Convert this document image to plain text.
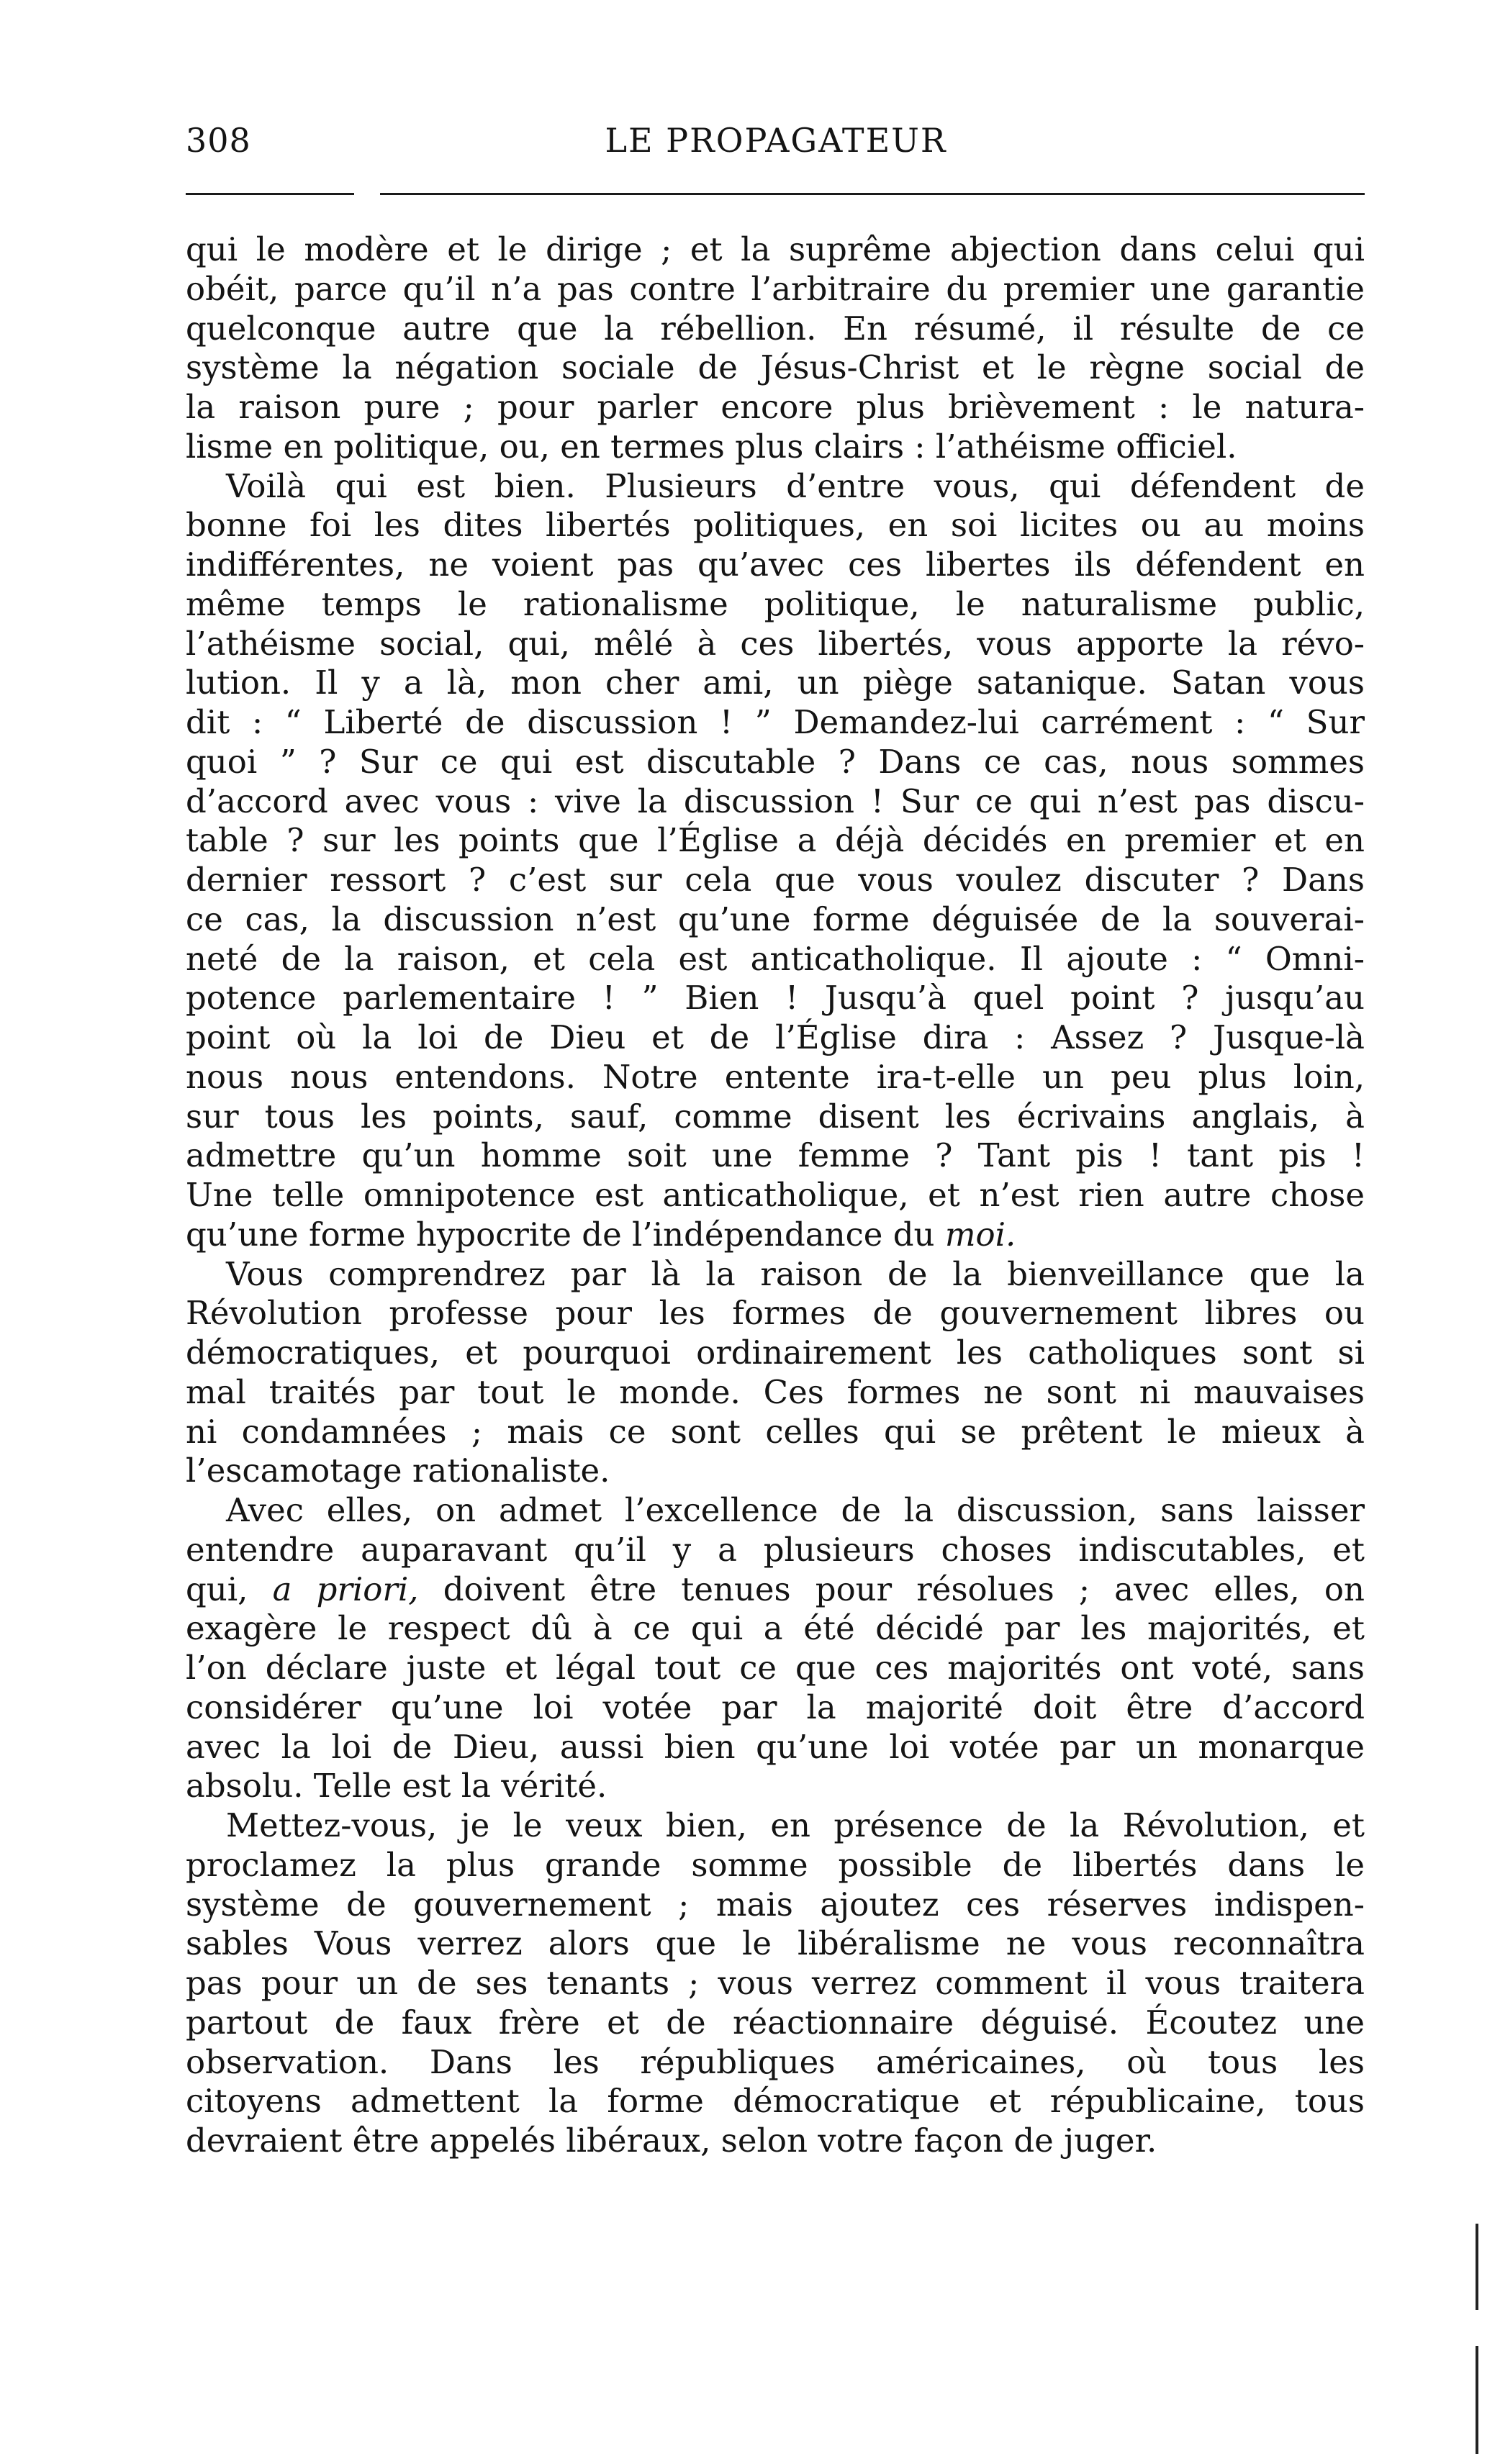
308	LE PROPAGATEUR
qui le modère et le dirige ; et la suprême abjection dans celui qui
obéit, parce qu’il n’a pas contre l’arbitraire du premier une garantie
quelconque autre que la rébellion. En résumé, il résulte de ce
système la négation sociale de Jésus-Christ et le règne social de
la raison pure ; pour parler encore plus brièvement : le natura-
lisme en politique, ou, en termes plus clairs : l’athéisme officiel.
Voilà qui est bien. Plusieurs d’entre vous, qui défendent de
bonne foi les dites libertés politiques, en soi licites ou au moins
indifférentes, ne voient pas qu’avec ces libertes ils défendent en
même temps le rationalisme politique, le naturalisme public,
l’athéisme social, qui, mêlé à ces libertés, vous apporte la révo-
lution. Il y a là, mon cher ami, un piège satanique. Satan vous
dit : “ Liberté de discussion ! ” Demandez-lui carrément : “ Sur
quoi ” ? Sur ce qui est discutable ? Dans ce cas, nous sommes
d’accord avec vous : vive la discussion ! Sur ce qui n’est pas discu-
table ? sur les points que l’Église a déjà décidés en premier et en
dernier ressort ? c’est sur cela que vous voulez discuter ? Dans
ce cas, la discussion n’est qu’une forme déguisée de la souverai-
neté de la raison, et cela est anticatholique. Il ajoute : “ Omni-
potence parlementaire ! ” Bien ! Jusqu’à quel point ? jusqu’au
point où la loi de Dieu et de l’Église dira : Assez ? Jusque-là
nous nous entendons. Notre entente ira-t-elle un peu plus loin,
sur tous les points, sauf, comme disent les écrivains anglais, à
admettre qu’un homme soit une femme ? Tant pis ! tant pis !
Une telle omnipotence est anticatholique, et n’est rien autre chose
qu’une forme hypocrite de l’indépendance du moi.
Vous comprendrez par là la raison de la bienveillance que la
Révolution professe pour les formes de gouvernement libres ou
démocratiques, et pourquoi ordinairement les catholiques sont si
mal traités par tout le monde. Ces formes ne sont ni mauvaises
ni condamnées ; mais ce sont celles qui se prêtent le mieux à
l’escamotage rationaliste.
Avec elles, on admet l’excellence de la discussion, sans laisser
entendre auparavant qu’il y a plusieurs choses indiscutables, et
qui, a priori, doivent être tenues pour résolues ; avec elles, on
exagère le respect dû à ce qui a été décidé par les majorités, et
l’on déclare juste et légal tout ce que ces majorités ont voté, sans
considérer qu’une loi votée par la majorité doit être d’accord
avec la loi de Dieu, aussi bien qu’une loi votée par un monarque
absolu. Telle est la vérité.
Mettez-vous, je le veux bien, en présence de la Révolution, et
proclamez la plus grande somme possible de libertés dans le
système de gouvernement ; mais ajoutez ces réserves indispen-
sables Vous verrez alors que le libéralisme ne vous reconnaîtra
pas pour un de ses tenants ; vous verrez comment il vous traitera
partout de faux frère et de réactionnaire déguisé. Écoutez une
observation. Dans les républiques américaines, où tous les
citoyens admettent la forme démocratique et républicaine, tous
devraient être appelés libéraux, selon votre façon de juger.
